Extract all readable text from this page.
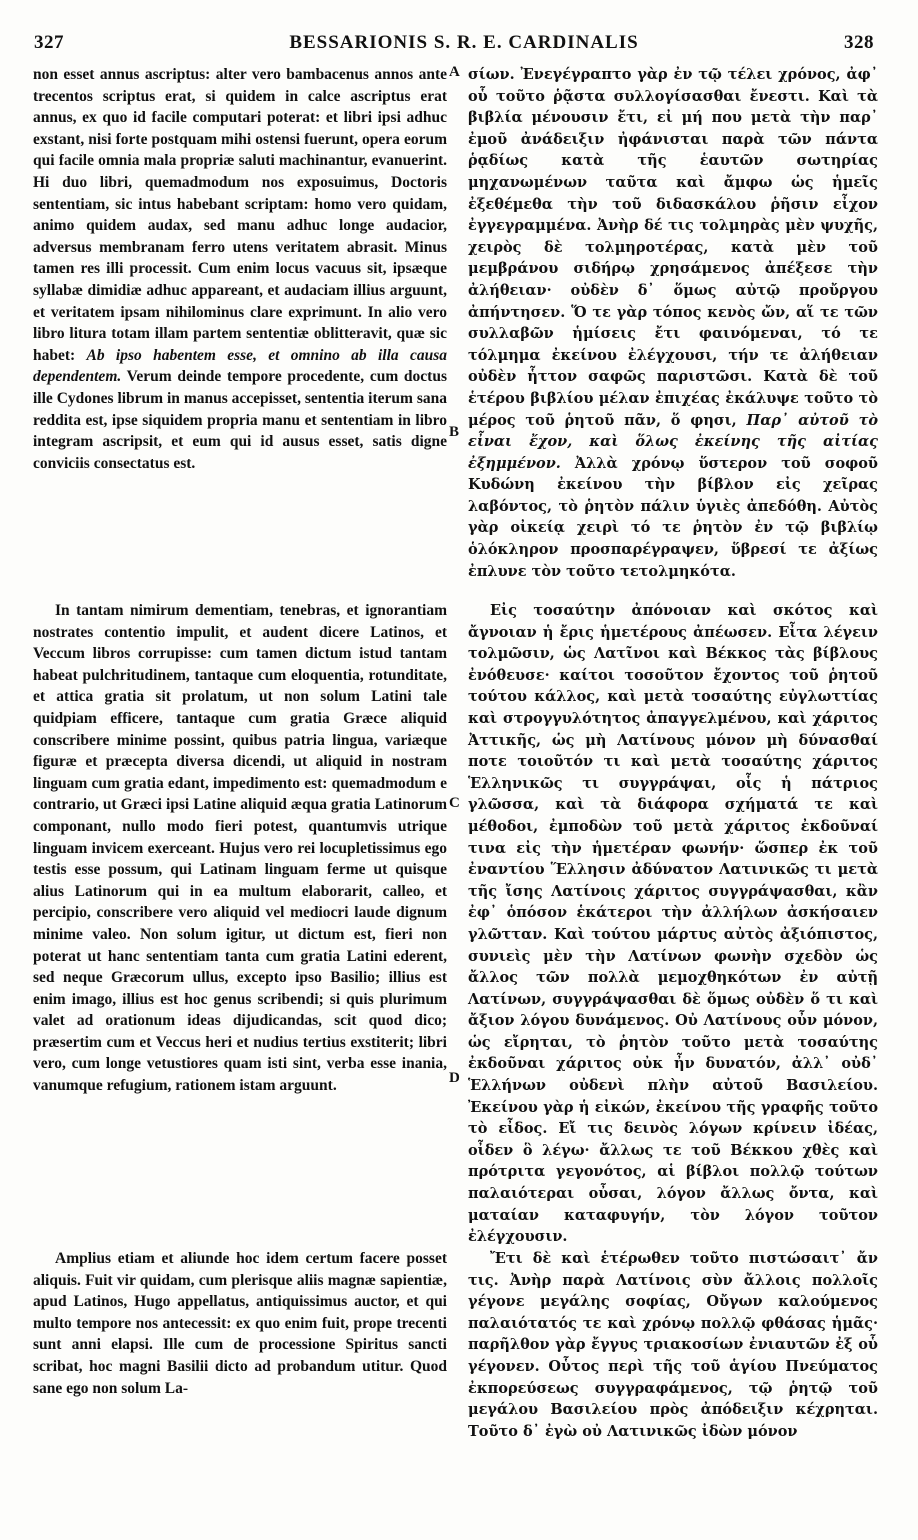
327	BESSARIONIS S. R. E. CARDINALIS	328
A
B
C
D

non esset annus ascriptus: alter vero bambacenus annos ante trecentos scriptus erat, si quidem in calce ascriptus erat annus, ex quo id facile computari poterat: et libri ipsi adhuc exstant, nisi forte postquam mihi ostensi fuerunt, opera eorum qui facile omnia mala propriæ saluti machinantur, evanuerint. Hi duo libri, quemadmodum nos exposuimus, Doctoris sententiam, sic intus habebant scriptam: homo vero quidam, animo quidem audax, sed manu adhuc longe audacior, adversus membranam ferro utens veritatem abrasit. Minus tamen res illi processit. Cum enim locus vacuus sit, ipsæque syllabæ dimidiæ adhuc appareant, et audaciam illius arguunt, et veritatem ipsam nihilominus clare exprimunt. In alio vero libro litura totam illam partem sententiæ oblitteravit, quæ sic habet: Ab ipso habentem esse, et omnino ab illa causa dependentem. Verum deinde tempore procedente, cum doctus ille Cydones librum in manus accepisset, sententia iterum sana reddita est, ipse siquidem propria manu et sententiam in libro integram ascripsit, et eum qui id ausus esset, satis digne conviciis consectatus est.

In tantam nimirum dementiam, tenebras, et ignorantiam nostrates contentio impulit, et audent dicere Latinos, et Veccum libros corrupisse: cum tamen dictum istud tantam habeat pulchritudinem, tantaque cum eloquentia, rotunditate, et attica gratia sit prolatum, ut non solum Latini tale quidpiam efficere, tantaque cum gratia Græce aliquid conscribere minime possint, quibus patria lingua, variæque figuræ et præcepta diversa dicendi, ut aliquid in nostram linguam cum gratia edant, impedimento est: quemadmodum e contrario, ut Græci ipsi Latine aliquid æqua gratia Latinorum componant, nullo modo fieri potest, quantumvis utrique linguam invicem exerceant. Hujus vero rei locupletissimus ego testis esse possum, qui Latinam linguam ferme ut quisque alius Latinorum qui in ea multum elaborarit, calleo, et percipio, conscribere vero aliquid vel mediocri laude dignum minime valeo. Non solum igitur, ut dictum est, fieri non poterat ut hanc sententiam tanta cum gratia Latini ederent, sed neque Græcorum ullus, excepto ipso Basilio; illius est enim imago, illius est hoc genus scribendi; si quis plurimum valet ad orationum ideas dijudicandas, scit quod dico; præsertim cum et Veccus heri et nudius tertius exstiterit; libri vero, cum longe vetustiores quam isti sint, verba esse inania, vanumque refugium, rationem istam arguunt.

Amplius etiam et aliunde hoc idem certum facere posset aliquis. Fuit vir quidam, cum plerisque aliis magnæ sapientiæ, apud Latinos, Hugo appellatus, antiquissimus auctor, et qui multo tempore nos antecessit: ex quo enim fuit, prope trecenti sunt anni elapsi. Ille cum de processione Spiritus sancti scribat, hoc magni Basilii dicto ad probandum utitur. Quod sane ego non solum La-

σίων. Ἐνεγέγραπτο γὰρ ἐν τῷ τέλει χρόνος, ἀφ᾽ οὗ τοῦτο ῥᾷστα συλλογίσασθαι ἔνεστι. Καὶ τὰ βιβλία μένουσιν ἔτι, εἰ μή που μετὰ τὴν παρ᾽ ἐμοῦ ἀνάδειξιν ἠφάνισται παρὰ τῶν πάντα ῥᾳδίως κατὰ τῆς ἑαυτῶν σωτηρίας μηχανωμένων ταῦτα καὶ ἄμφω ὡς ἡμεῖς ἐξεθέμεθα τὴν τοῦ διδασκάλου ῥῆσιν εἶχον ἐγγεγραμμένα. Ἀνὴρ δέ τις τολμηρὰς μὲν ψυχῆς, χειρὸς δὲ τολμηροτέρας, κατὰ μὲν τοῦ μεμβράνου σιδήρῳ χρησάμενος ἀπέξεσε τὴν ἀλήθειαν· οὐδὲν δ᾽ ὅμως αὐτῷ προὔργου ἀπήντησεν. Ὅ τε γὰρ τόπος κενὸς ὤν, αἵ τε τῶν συλλαβῶν ἡμίσεις ἔτι φαινόμεναι, τό τε τόλμημα ἐκείνου ἐλέγχουσι, τήν τε ἀλήθειαν οὐδὲν ἧττον σαφῶς παριστῶσι. Κατὰ δὲ τοῦ ἑτέρου βιβλίου μέλαν ἐπιχέας ἐκάλυψε τοῦτο τὸ μέρος τοῦ ῥητοῦ πᾶν, ὅ φησι, Παρ᾽ αὐτοῦ τὸ εἶναι ἔχον, καὶ ὅλως ἐκείνης τῆς αἰτίας ἐξημμένον. Ἀλλὰ χρόνῳ ὕστερον τοῦ σοφοῦ Κυδώνη ἐκείνου τὴν βίβλον εἰς χεῖρας λαβόντος, τὸ ῥητὸν πάλιν ὑγιὲς ἀπεδόθη. Αὐτὸς γὰρ οἰκείᾳ χειρὶ τό τε ῥητὸν ἐν τῷ βιβλίῳ ὁλόκληρον προσπαρέγραψεν, ὕβρεσί τε ἀξίως ἐπλυνε τὸν τοῦτο τετολμηκότα.

Εἰς τοσαύτην ἀπόνοιαν καὶ σκότος καὶ ἄγνοιαν ἡ ἔρις ἡμετέρους ἀπέωσεν. Εἶτα λέγειν τολμῶσιν, ὡς Λατῖνοι καὶ Βέκκος τὰς βίβλους ἐνόθευσε· καίτοι τοσοῦτον ἔχοντος τοῦ ῥητοῦ τούτου κάλλος, καὶ μετὰ τοσαύτης εὐγλωττίας καὶ στρογγυλότητος ἀπαγγελμένου, καὶ χάριτος Ἀττικῆς, ὡς μὴ Λατίνους μόνον μὴ δύνασθαί ποτε τοιοῦτόν τι καὶ μετὰ τοσαύτης χάριτος Ἑλληνικῶς τι συγγράψαι, οἷς ἡ πάτριος γλῶσσα, καὶ τὰ διάφορα σχήματά τε καὶ μέθοδοι, ἐμποδὼν τοῦ μετὰ χάριτος ἐκδοῦναί τινα εἰς τὴν ἡμετέραν φωνήν· ὥσπερ ἐκ τοῦ ἐναντίου Ἕλλησιν ἀδύνατον Λατινικῶς τι μετὰ τῆς ἴσης Λατίνοις χάριτος συγγράψασθαι, κἂν ἐφ᾽ ὁπόσον ἑκάτεροι τὴν ἀλλήλων ἀσκήσαιεν γλῶτταν. Καὶ τούτου μάρτυς αὐτὸς ἀξιόπιστος, συνιεὶς μὲν τὴν Λατίνων φωνὴν σχεδὸν ὡς ἄλλος τῶν πολλὰ μεμοχθηκότων ἐν αὐτῇ Λατίνων, συγγράψασθαι δὲ ὅμως οὐδὲν ὅ τι καὶ ἄξιον λόγου δυνάμενος. Οὐ Λατίνους οὖν μόνον, ὡς εἴρηται, τὸ ῥητὸν τοῦτο μετὰ τοσαύτης ἐκδοῦναι χάριτος οὐκ ἦν δυνατόν, ἀλλ᾽ οὐδ᾽ Ἑλλήνων οὐδενὶ πλὴν αὐτοῦ Βασιλείου. Ἐκείνου γὰρ ἡ εἰκών, ἐκείνου τῆς γραφῆς τοῦτο τὸ εἶδος. Εἴ τις δεινὸς λόγων κρίνειν ἰδέας, οἶδεν ὃ λέγω· ἄλλως τε τοῦ Βέκκου χθὲς καὶ πρότριτα γεγονότος, αἱ βίβλοι πολλῷ τούτων παλαιότεραι οὖσαι, λόγον ἄλλως ὄντα, καὶ ματαίαν καταφυγήν, τὸν λόγον τοῦτον ἐλέγχουσιν.

Ἔτι δὲ καὶ ἑτέρωθεν τοῦτο πιστώσαιτ᾽ ἄν τις. Ἀνὴρ παρὰ Λατίνοις σὺν ἄλλοις πολλοῖς γέγονε μεγάλης σοφίας, Οὔγων καλούμενος παλαιότατός τε καὶ χρόνῳ πολλῷ φθάσας ἡμᾶς· παρῆλθον γὰρ ἔγγυς τριακοσίων ἐνιαυτῶν ἐξ οὗ γέγονεν. Οὗτος περὶ τῆς τοῦ ἁγίου Πνεύματος ἐκπορεύσεως συγγραφάμενος, τῷ ῥητῷ τοῦ μεγάλου Βασιλείου πρὸς ἀπόδειξιν κέχρηται. Τοῦτο δ᾽ ἐγὼ οὐ Λατινικῶς ἰδὼν μόνον
